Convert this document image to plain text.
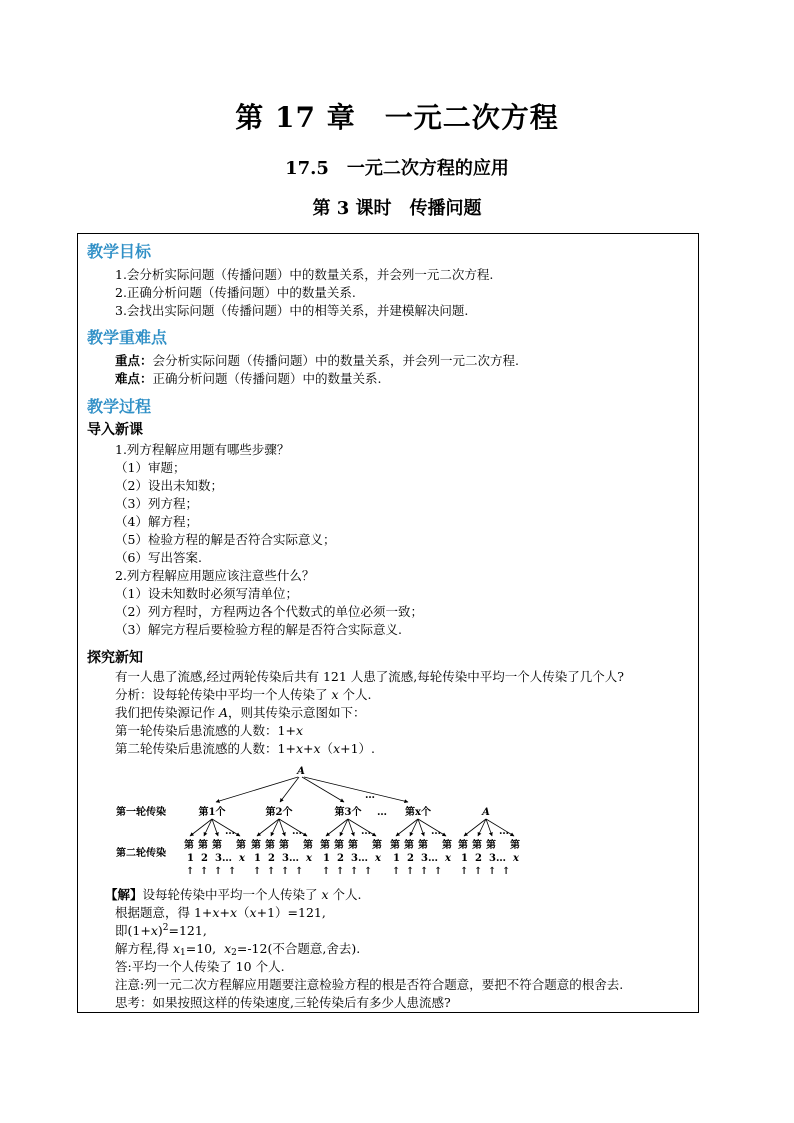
第 17 章　一元二次方程
17.5　一元二次方程的应用
第 3 课时　传播问题
教学目标
1.会分析实际问题（传播问题）中的数量关系，并会列一元二次方程.
2.正确分析问题（传播问题）中的数量关系.
3.会找出实际问题（传播问题）中的相等关系，并建模解决问题.
教学重难点
重点：会分析实际问题（传播问题）中的数量关系，并会列一元二次方程.
难点：正确分析问题（传播问题）中的数量关系.
教学过程
导入新课
1.列方程解应用题有哪些步骤？
（1）审题；
（2）设出未知数；
（3）列方程；
（4）解方程；
（5）检验方程的解是否符合实际意义；
（6）写出答案.
2.列方程解应用题应该注意些什么？
（1）设未知数时必须写清单位；
（2）列方程时，方程两边各个代数式的单位必须一致；
（3）解完方程后要检验方程的解是否符合实际意义.
探究新知
有一人患了流感,经过两轮传染后共有 121 人患了流感,每轮传染中平均一个人传染了几个人?
分析：设每轮传染中平均一个人传染了 x 个人.
我们把传染源记作 A，则其传染示意图如下：
第一轮传染后患流感的人数：1+x
第二轮传染后患流感的人数：1+x+x（x+1）.
A
…
第一轮传染
第二轮传染
第1个	第2个	第3个 … 第x个	A
…
第 第 第 第
1 2 3… x
↑ ↑ ↑ ↑
…
第 第 第 第
1 2 3… x
↑ ↑ ↑ ↑
…
第 第 第 第
1 2 3… x
↑ ↑ ↑ ↑
…
第 第 第 第
1 2 3… x
↑ ↑ ↑ ↑
…
第 第 第 第
1 2 3… x
↑ ↑ ↑ ↑
【解】设每轮传染中平均一个人传染了 x 个人.
根据题意，得 1+x+x（x+1）=121,
即$(1+x)^2=121$,
解方程,得 $x_1=10$, $x_2=-12$(不合题意,舍去).
答:平均一个人传染了 10 个人.
注意:列一元二次方程解应用题要注意检验方程的根是否符合题意，要把不符合题意的根舍去.
思考：如果按照这样的传染速度,三轮传染后有多少人患流感?
